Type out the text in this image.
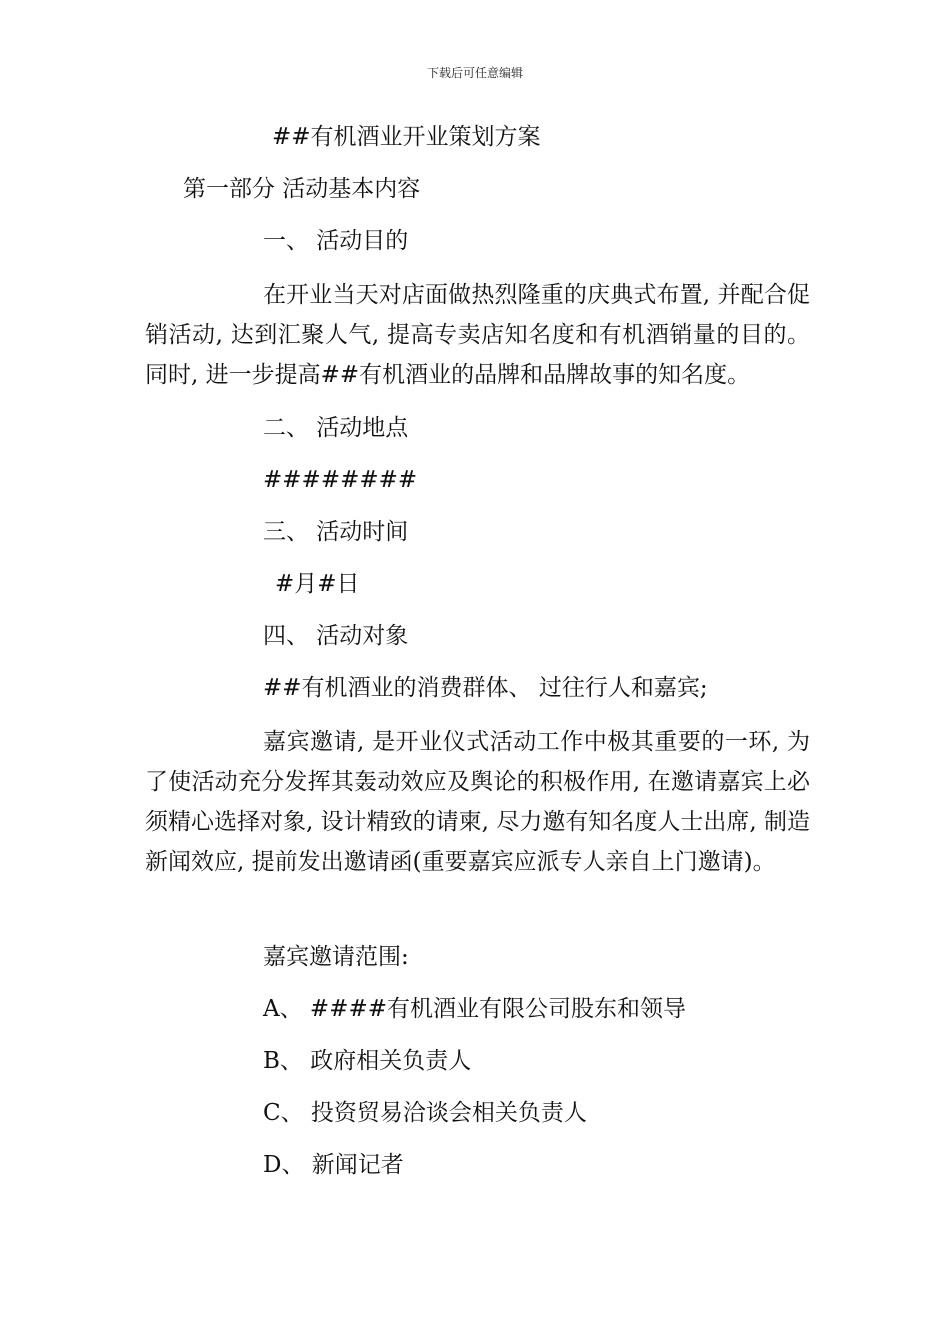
下载后可任意编辑
##有机酒业开业策划方案
第一部分 活动基本内容
一、 活动目的
在开业当天对店面做热烈隆重的庆典式布置, 并配合促销活动, 达到汇聚人气, 提高专卖店知名度和有机酒销量的目的。同时, 进一步提高##有机酒业的品牌和品牌故事的知名度。
二、 活动地点
########
三、 活动时间
#月#日
四、 活动对象
##有机酒业的消费群体、 过往行人和嘉宾;
嘉宾邀请, 是开业仪式活动工作中极其重要的一环, 为了使活动充分发挥其轰动效应及舆论的积极作用, 在邀请嘉宾上必须精心选择对象, 设计精致的请柬, 尽力邀有知名度人士出席, 制造新闻效应, 提前发出邀请函(重要嘉宾应派专人亲自上门邀请)。
嘉宾邀请范围:
A、 ####有机酒业有限公司股东和领导
B、 政府相关负责人
C、 投资贸易洽谈会相关负责人
D、 新闻记者
